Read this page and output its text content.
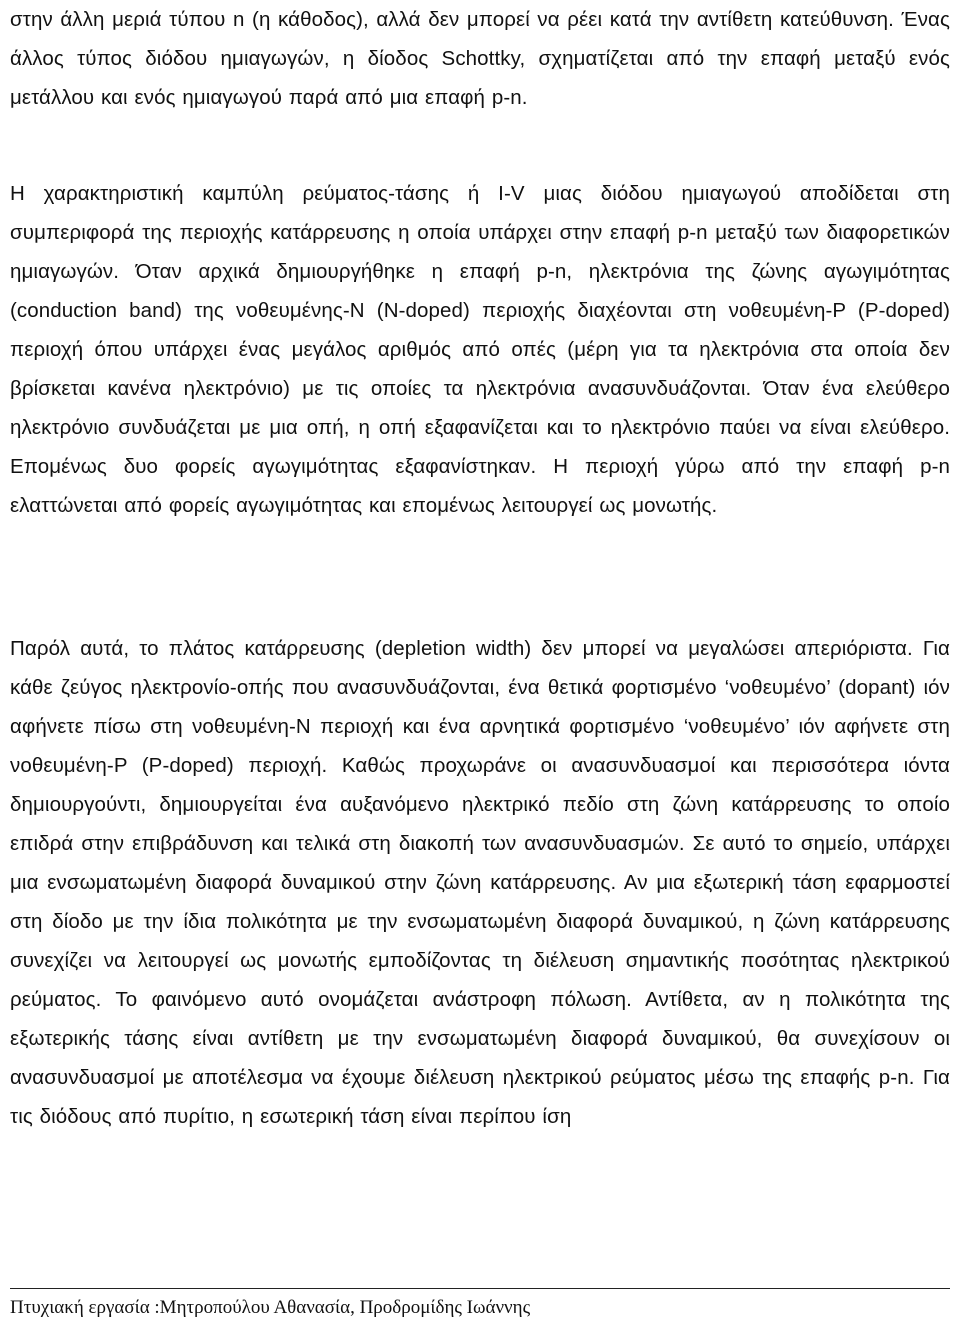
στην άλλη μεριά τύπου n (η κάθοδος), αλλά δεν μπορεί να ρέει κατά την αντίθετη κατεύθυνση. Ένας άλλος τύπος διόδου ημιαγωγών, η δίοδος Schottky, σχηματίζεται από την επαφή μεταξύ ενός μετάλλου και ενός ημιαγωγού παρά από μια επαφή p-n.

Η χαρακτηριστική καμπύλη ρεύματος-τάσης ή I-V μιας διόδου ημιαγωγού αποδίδεται στη συμπεριφορά της περιοχής κατάρρευσης η οποία υπάρχει στην επαφή p-n μεταξύ των διαφορετικών ημιαγωγών. Όταν αρχικά δημιουργήθηκε η επαφή p-n, ηλεκτρόνια της ζώνης αγωγιμότητας (conduction band) της νοθευμένης-N (N-doped) περιοχής διαχέονται στη νοθευμένη-P (P-doped) περιοχή όπου υπάρχει ένας μεγάλος αριθμός από οπές (μέρη για τα ηλεκτρόνια στα οποία δεν βρίσκεται κανένα ηλεκτρόνιο) με τις οποίες τα ηλεκτρόνια ανασυνδυάζονται. Όταν ένα ελεύθερο ηλεκτρόνιο συνδυάζεται με μια οπή, η οπή εξαφανίζεται και το ηλεκτρόνιο παύει να είναι ελεύθερο. Επομένως δυο φορείς αγωγιμότητας εξαφανίστηκαν. Η περιοχή γύρω από την επαφή p-n ελαττώνεται από φορείς αγωγιμότητας και επομένως λειτουργεί ως μονωτής.

Παρόλ αυτά, το πλάτος κατάρρευσης (depletion width) δεν μπορεί να μεγαλώσει απεριόριστα. Για κάθε ζεύγος ηλεκτρονίο-οπής που ανασυνδυάζονται, ένα θετικά φορτισμένο ‘νοθευμένο’ (dopant) ιόν αφήνετε πίσω στη νοθευμένη-N περιοχή και ένα αρνητικά φορτισμένο ‘νοθευμένο’ ιόν αφήνετε στη νοθευμένη-P (P-doped) περιοχή. Καθώς προχωράνε οι ανασυνδυασμοί και περισσότερα ιόντα δημιουργούντι, δημιουργείται ένα αυξανόμενο ηλεκτρικό πεδίο στη ζώνη κατάρρευσης το οποίο επιδρά στην επιβράδυνση και τελικά στη διακοπή των ανασυνδυασμών. Σε αυτό το σημείο, υπάρχει μια ενσωματωμένη διαφορά δυναμικού στην ζώνη κατάρρευσης. Αν μια εξωτερική τάση εφαρμοστεί στη δίοδο με την ίδια πολικότητα με την ενσωματωμένη διαφορά δυναμικού, η ζώνη κατάρρευσης συνεχίζει να λειτουργεί ως μονωτής εμποδίζοντας τη διέλευση σημαντικής ποσότητας ηλεκτρικού ρεύματος. Το φαινόμενο αυτό ονομάζεται ανάστροφη πόλωση. Αντίθετα, αν η πολικότητα της εξωτερικής τάσης είναι αντίθετη με την ενσωματωμένη διαφορά δυναμικού, θα συνεχίσουν οι ανασυνδυασμοί με αποτέλεσμα να έχουμε διέλευση ηλεκτρικού ρεύματος μέσω της επαφής p-n. Για τις διόδους από πυρίτιο, η εσωτερική τάση είναι περίπου ίση

Πτυχιακή εργασία :Μητροπούλου Αθανασία, Προδρομίδης Ιωάννης
